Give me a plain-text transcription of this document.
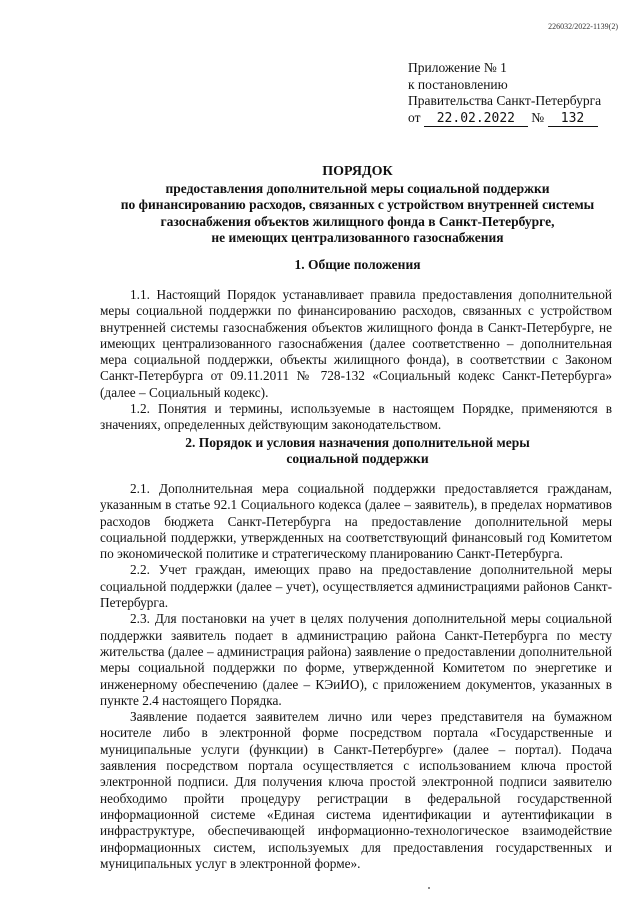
226032/2022-1139(2)
Приложение № 1
к постановлению
Правительства Санкт-Петербурга
от 22.02.2022 № 132
ПОРЯДОК
предоставления дополнительной меры социальной поддержки
по финансированию расходов, связанных с устройством внутренней системы
газоснабжения объектов жилищного фонда в Санкт-Петербурге,
не имеющих централизованного газоснабжения
1. Общие положения

1.1. Настоящий Порядок устанавливает правила предоставления дополнительной меры социальной поддержки по финансированию расходов, связанных с устройством внутренней системы газоснабжения объектов жилищного фонда в Санкт-Петербурге, не имеющих централизованного газоснабжения (далее соответственно – дополнительная мера социальной поддержки, объекты жилищного фонда), в соответствии с Законом Санкт-Петербурга от 09.11.2011 № 728-132 «Социальный кодекс Санкт-Петербурга» (далее – Социальный кодекс).

1.2. Понятия и термины, используемые в настоящем Порядке, применяются в значениях, определенных действующим законодательством.

2. Порядок и условия назначения дополнительной меры
социальной поддержки

2.1. Дополнительная мера социальной поддержки предоставляется гражданам, указанным в статье 92.1 Социального кодекса (далее – заявитель), в пределах нормативов расходов бюджета Санкт-Петербурга на предоставление дополнительной меры социальной поддержки, утвержденных на соответствующий финансовый год Комитетом по экономической политике и стратегическому планированию Санкт-Петербурга.

2.2. Учет граждан, имеющих право на предоставление дополнительной меры социальной поддержки (далее – учет), осуществляется администрациями районов Санкт-Петербурга.

2.3. Для постановки на учет в целях получения дополнительной меры социальной поддержки заявитель подает в администрацию района Санкт-Петербурга по месту жительства (далее – администрация района) заявление о предоставлении дополнительной меры социальной поддержки по форме, утвержденной Комитетом по энергетике и инженерному обеспечению (далее – КЭиИО), с приложением документов, указанных в пункте 2.4 настоящего Порядка.

Заявление подается заявителем лично или через представителя на бумажном носителе либо в электронной форме посредством портала «Государственные и муниципальные услуги (функции) в Санкт-Петербурге» (далее – портал). Подача заявления посредством портала осуществляется с использованием ключа простой электронной подписи. Для получения ключа простой электронной подписи заявителю необходимо пройти процедуру регистрации в федеральной государственной информационной системе «Единая система идентификации и аутентификации в инфраструктуре, обеспечивающей информационно-технологическое взаимодействие информационных систем, используемых для предоставления государственных и муниципальных услуг в электронной форме».
